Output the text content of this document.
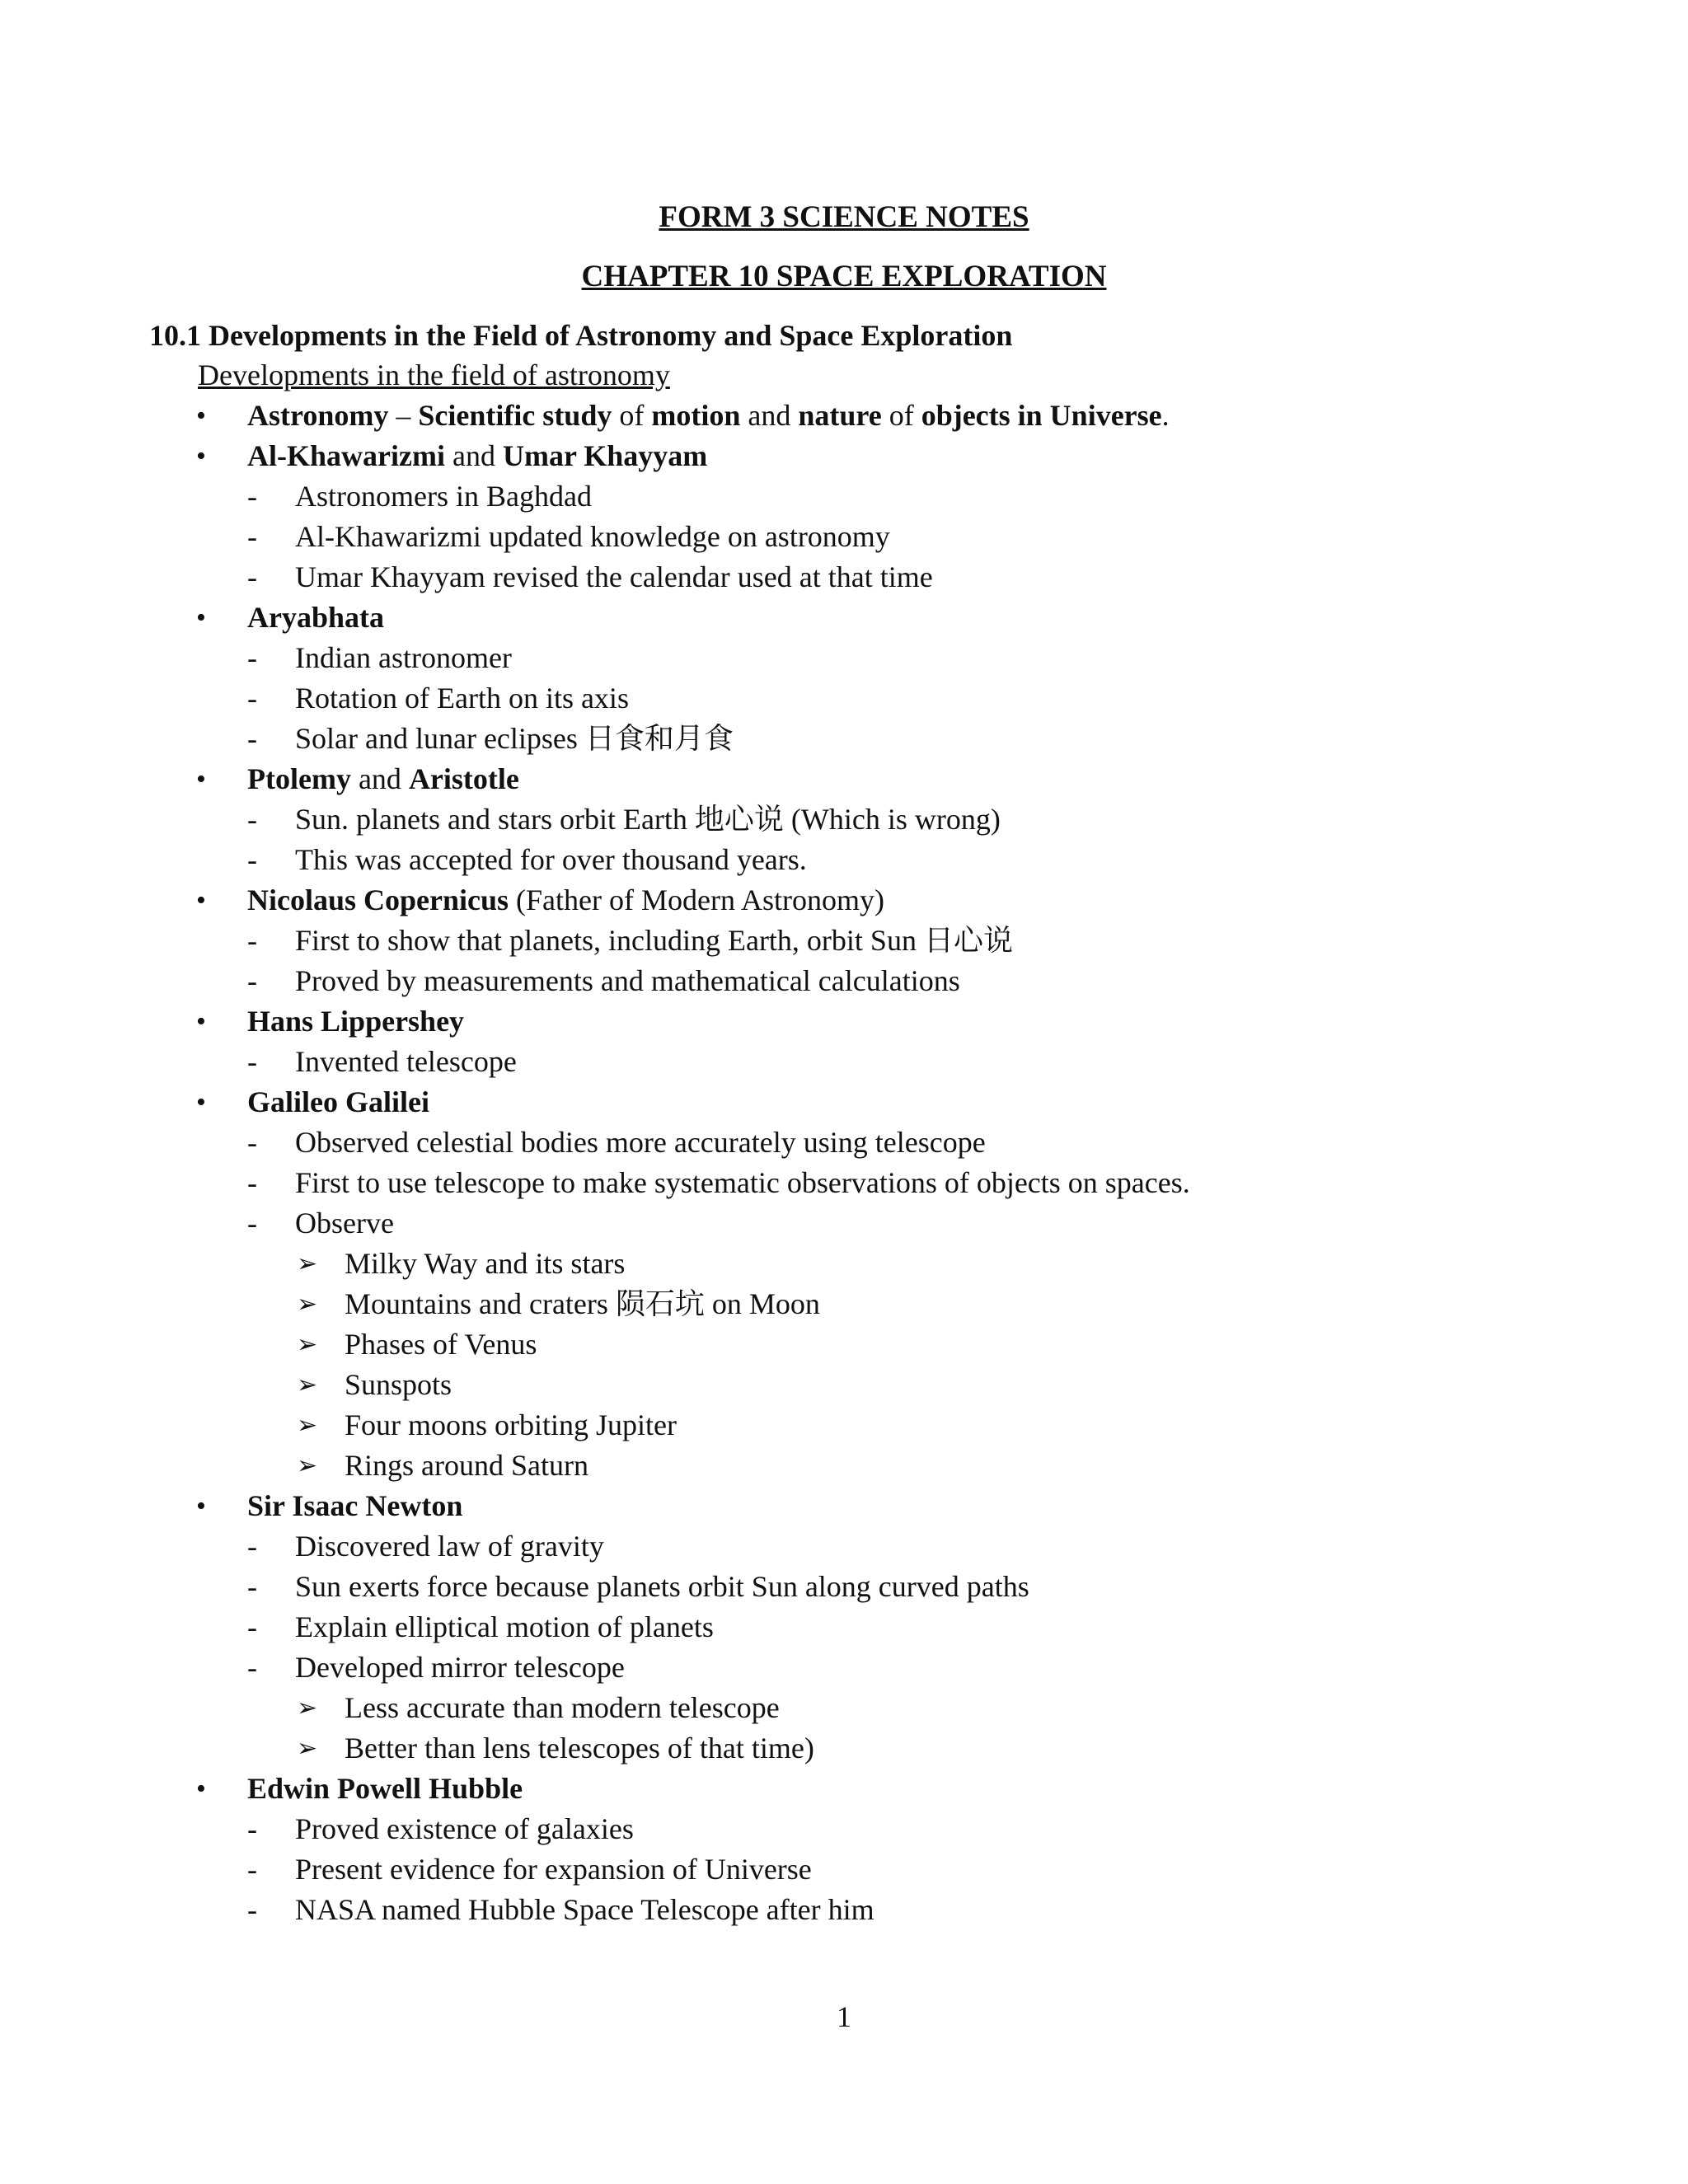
FORM 3 SCIENCE NOTES
CHAPTER 10 SPACE EXPLORATION
10.1 Developments in the Field of Astronomy and Space Exploration
Developments in the field of astronomy
• Astronomy – Scientific study of motion and nature of objects in Universe.
• Al-Khawarizmi and Umar Khayyam
- Astronomers in Baghdad
- Al-Khawarizmi updated knowledge on astronomy
- Umar Khayyam revised the calendar used at that time
• Aryabhata
- Indian astronomer
- Rotation of Earth on its axis
- Solar and lunar eclipses 日食和月食
• Ptolemy and Aristotle
- Sun. planets and stars orbit Earth 地心说 (Which is wrong)
- This was accepted for over thousand years.
• Nicolaus Copernicus (Father of Modern Astronomy)
- First to show that planets, including Earth, orbit Sun 日心说
- Proved by measurements and mathematical calculations
• Hans Lippershey
- Invented telescope
• Galileo Galilei
- Observed celestial bodies more accurately using telescope
- First to use telescope to make systematic observations of objects on spaces.
- Observe
➢ Milky Way and its stars
➢ Mountains and craters 陨石坑 on Moon
➢ Phases of Venus
➢ Sunspots
➢ Four moons orbiting Jupiter
➢ Rings around Saturn
• Sir Isaac Newton
- Discovered law of gravity
- Sun exerts force because planets orbit Sun along curved paths
- Explain elliptical motion of planets
- Developed mirror telescope
➢ Less accurate than modern telescope
➢ Better than lens telescopes of that time)
• Edwin Powell Hubble
- Proved existence of galaxies
- Present evidence for expansion of Universe
- NASA named Hubble Space Telescope after him
1
